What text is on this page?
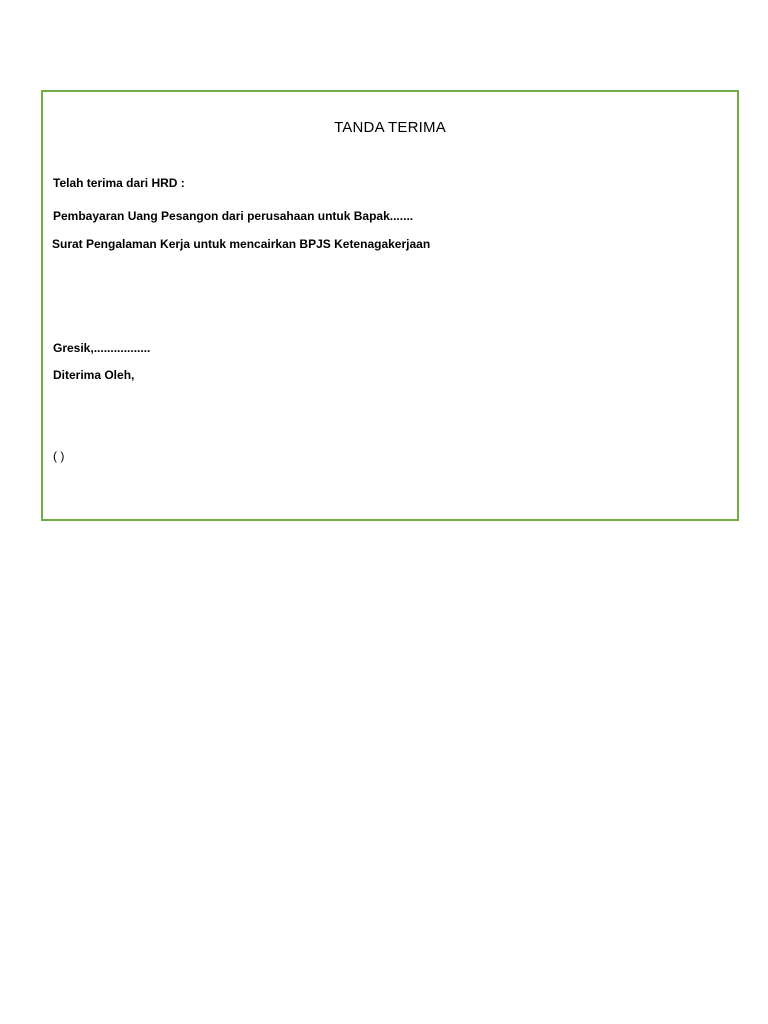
TANDA TERIMA
Telah terima dari HRD :
Pembayaran Uang Pesangon dari perusahaan untuk Bapak.......
Surat Pengalaman Kerja untuk mencairkan BPJS Ketenagakerjaan
Gresik,.................
Diterima Oleh,
( )
